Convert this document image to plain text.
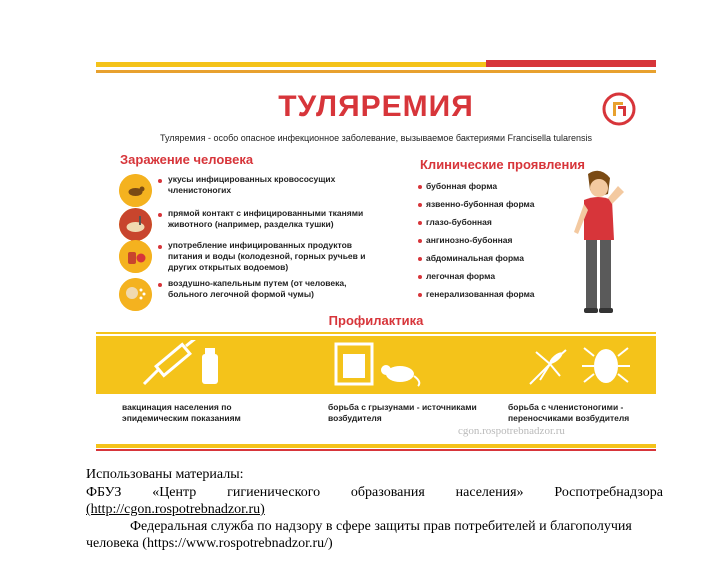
ТУЛЯРЕМИЯ
Туляремия - особо опасное инфекционное заболевание, вызываемое бактериями Francisella tularensis
Заражение человека
укусы инфицированных кровососущих членистоногих
прямой контакт с инфицированными тканями животного (например, разделка тушки)
употребление инфицированных продуктов питания и воды (колодезной, горных ручьев и других открытых водоемов)
воздушно-капельным путем (от человека, больного легочной формой чумы)
Клинические проявления
бубонная форма
язвенно-бубонная форма
глазо-бубонная
ангинозно-бубонная
абдоминальная форма
легочная форма
генерализованная форма
Профилактика
вакцинация населения по эпидемическим показаниям
борьба с грызунами - источниками возбудителя
борьба с членистоногими - переносчиками возбудителя
cgon.rospotrebnadzor.ru
Использованы материалы:
ФБУЗ «Центр гигиенического образования населения» Роспотребнадзора
(http://cgon.rospotrebnadzor.ru)
Федеральная служба по надзору в сфере защиты прав потребителей и благополучия
человека (https://www.rospotrebnadzor.ru/)
